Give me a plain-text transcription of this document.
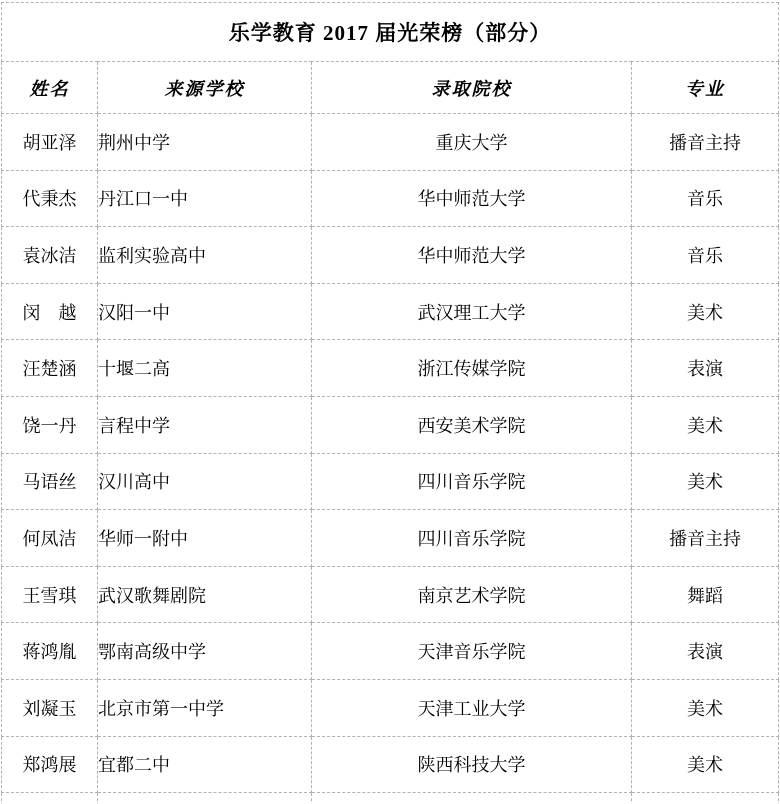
乐学教育 2017 届光荣榜（部分）			
姓名	来源学校	录取院校	专业
胡亚泽	荆州中学	重庆大学	播音主持
代秉杰	丹江口一中	华中师范大学	音乐
袁冰洁	监利实验高中	华中师范大学	音乐
闵　越	汉阳一中	武汉理工大学	美术
汪楚涵	十堰二高	浙江传媒学院	表演
饶一丹	言程中学	西安美术学院	美术
马语丝	汉川高中	四川音乐学院	美术
何凤洁	华师一附中	四川音乐学院	播音主持
王雪琪	武汉歌舞剧院	南京艺术学院	舞蹈
蒋鸿胤	鄂南高级中学	天津音乐学院	表演
刘凝玉	北京市第一中学	天津工业大学	美术
郑鸿展	宜都二中	陕西科技大学	美术
